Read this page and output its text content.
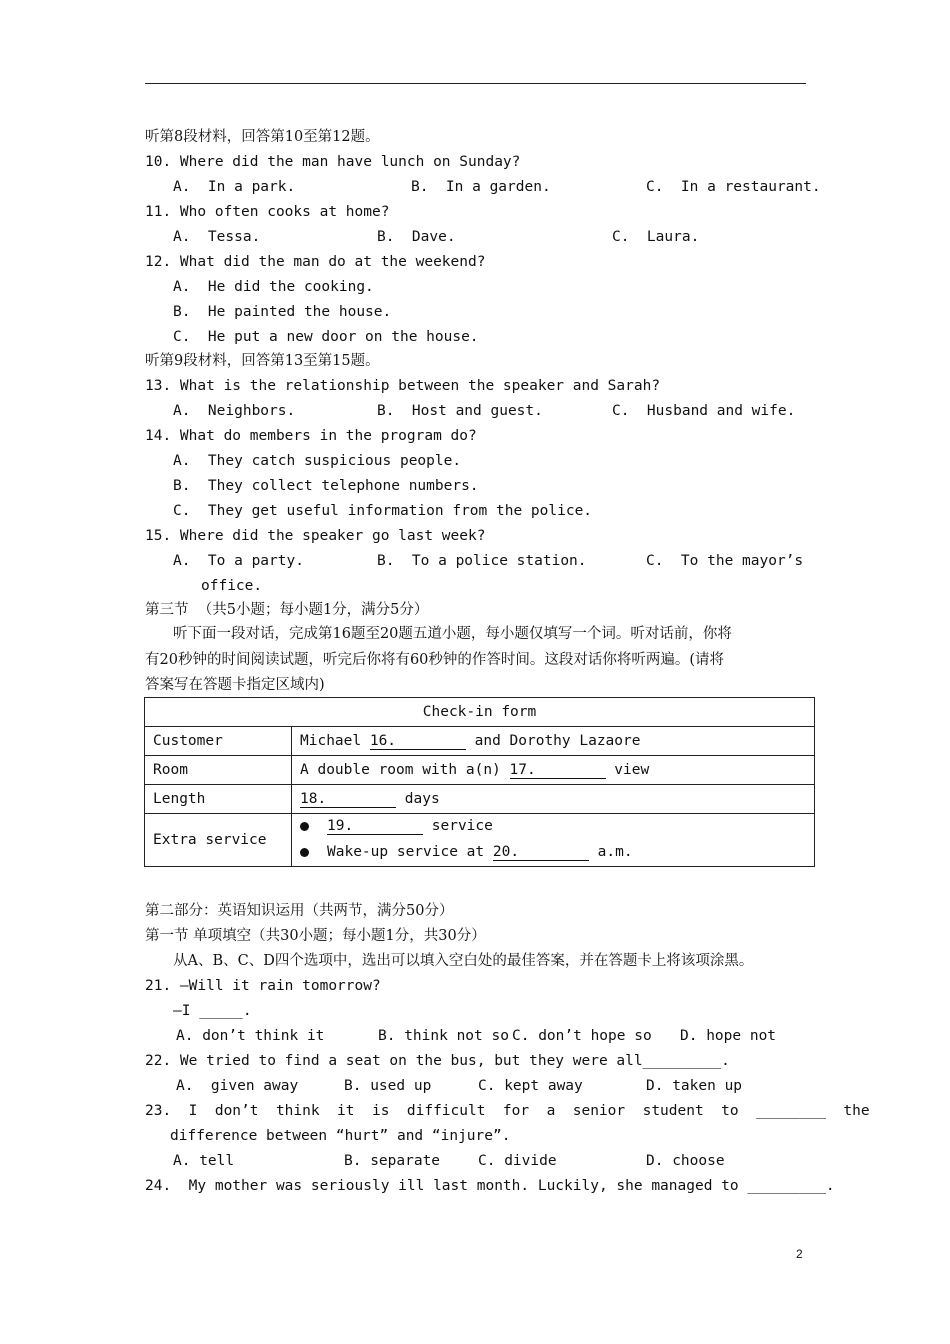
听第8段材料，回答第10至第12题。
10. Where did the man have lunch on Sunday?
A.  In a park.	B.  In a garden.	C.  In a restaurant.
11. Who often cooks at home?
A.  Tessa.	B.  Dave.	C.  Laura.
12. What did the man do at the weekend?
A.  He did the cooking.
B.  He painted the house.
C.  He put a new door on the house.
听第9段材料，回答第13至第15题。
13. What is the relationship between the speaker and Sarah?
A.  Neighbors.	B.  Host and guest.	C.  Husband and wife.
14. What do members in the program do?
A.  They catch suspicious people.
B.  They collect telephone numbers.
C.  They get useful information from the police.
15. Where did the speaker go last week?
A.  To a party.	B.  To a police station.	C.  To the mayor’s
office.
第三节  （共5小题；每小题1分，满分5分）
听下面一段对话，完成第16题至20题五道小题，每小题仅填写一个词。听对话前，你将
有20秒钟的时间阅读试题，听完后你将有60秒钟的作答时间。这段对话你将听两遍。(请将
答案写在答题卡指定区域内)
Check-in form	
Customer	Michael 16.         and Dorothy Lazaore
Room	A double room with a(n) 17.         view
Length	18.         days
Extra service	19.         service
Wake-up service at 20.         a.m.
第二部分：英语知识运用（共两节，满分50分）
第一节 单项填空（共30小题；每小题1分，共30分）
从A、B、C、D四个选项中，选出可以填入空白处的最佳答案，并在答题卡上将该项涂黑。
21. —Will it rain tomorrow?
—I _____.
A. don’t think it	B. think not so C. don’t hope so D. hope not
22. We tried to find a seat on the bus, but they were all_________.
A.  given away	B. used up	C. kept away	D. taken up
23.  I  don’t  think  it  is  difficult  for  a  senior  student  to  ________  the
difference between “hurt” and “injure”.
A. tell	B. separate	C. divide	D. choose
24.  My mother was seriously ill last month. Luckily, she managed to _________.
2
